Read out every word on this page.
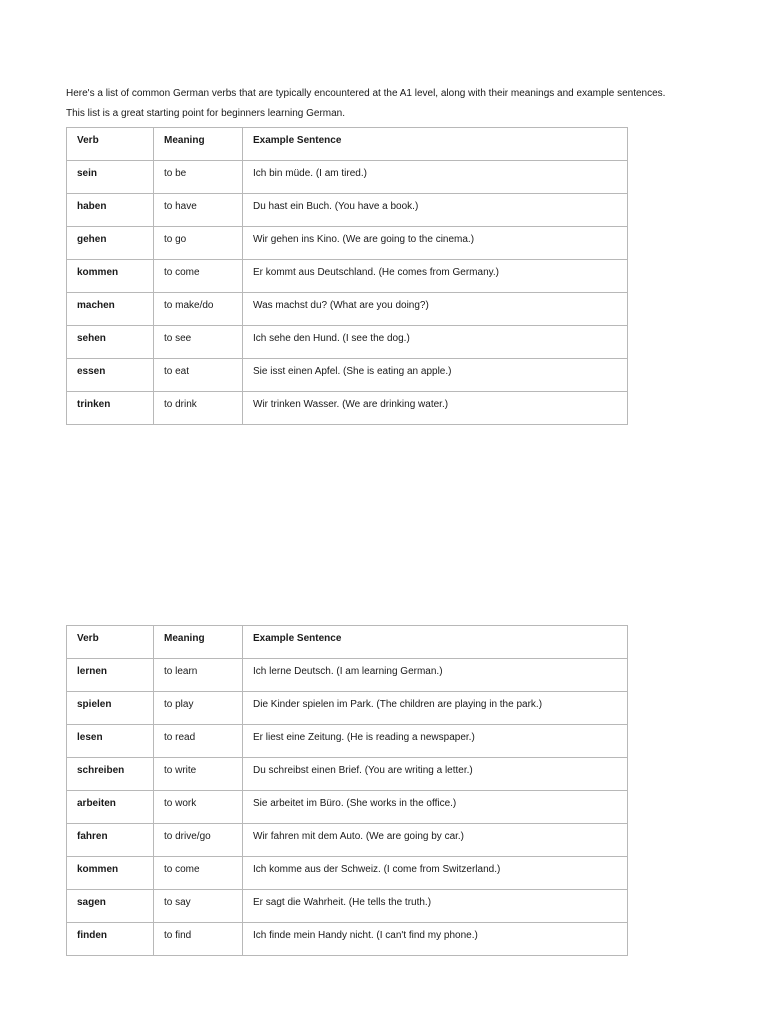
Here's a list of common German verbs that are typically encountered at the A1 level, along with their meanings and example sentences.

This list is a great starting point for beginners learning German.

Verb	Meaning	Example Sentence
sein	to be	Ich bin müde. (I am tired.)
haben	to have	Du hast ein Buch. (You have a book.)
gehen	to go	Wir gehen ins Kino. (We are going to the cinema.)
kommen	to come	Er kommt aus Deutschland. (He comes from Germany.)
machen	to make/do	Was machst du? (What are you doing?)
sehen	to see	Ich sehe den Hund. (I see the dog.)
essen	to eat	Sie isst einen Apfel. (She is eating an apple.)
trinken	to drink	Wir trinken Wasser. (We are drinking water.)
Verb	Meaning	Example Sentence
lernen	to learn	Ich lerne Deutsch. (I am learning German.)
spielen	to play	Die Kinder spielen im Park. (The children are playing in the park.)
lesen	to read	Er liest eine Zeitung. (He is reading a newspaper.)
schreiben	to write	Du schreibst einen Brief. (You are writing a letter.)
arbeiten	to work	Sie arbeitet im Büro. (She works in the office.)
fahren	to drive/go	Wir fahren mit dem Auto. (We are going by car.)
kommen	to come	Ich komme aus der Schweiz. (I come from Switzerland.)
sagen	to say	Er sagt die Wahrheit. (He tells the truth.)
finden	to find	Ich finde mein Handy nicht. (I can't find my phone.)
